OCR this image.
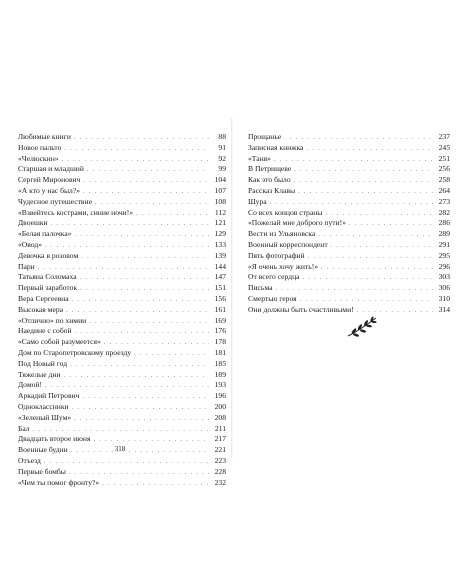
Любимые книги . . .	88
Новое пальто . . .	91
«Челюскин» . . .	92
Старшая и младший . . .	99
Сергей Миронович . . .	104
«А кто у нас был?» . . .	107
Чудесное путешествие . . .	108
«Взвейтесь кострами, синие ночи!» . . .	112
Двоешки . . .	121
«Белая палочка» . . .	129
«Овод» . . .	133
Девочка в розовом . . .	139
Пари . . .	144
Татьяна Соломаха . . .	147
Первый заработок . . .	151
Вера Сергеевна . . .	156
Высокая мера . . .	161
«Отлично» по химии . . .	169
Наедине с собой . . .	176
«Само собой разумеется» . . .	178
Дом по Старопетровскому проезду . . .	181
Под Новый год . . .	185
Тяжелые дни . . .	189
Домой! . . .	193
Аркадий Петрович . . .	196
Одноклассники . . .	200
«Зеленый Шум» . . .	208
Бал . . .	211
Двадцать второе июня . . .	217
Военные будни . . .	221
Отъезд . . .	223
Первые бомбы . . .	228
«Чем ты помог фронту?» . . .	232
318
Прощанье . . .	237
Записная книжка . . .	245
«Таня» . . .	251
В Петрищеве . . .	256
Как это было . . .	258
Рассказ Клавы . . .	264
Шура . . .	273
Со всех концов страны . . .	282
«Пожелай мне доброго пути!» . . .	286
Вести из Ульяновска . . .	289
Военный корреспондент . . .	291
Пять фотографий . . .	295
«Я очень хочу жить!» . . .	296
От всего сердца . . .	303
Письма . . .	306
Смертью героя . . .	310
Они должны быть счастливыми! . . .	314
